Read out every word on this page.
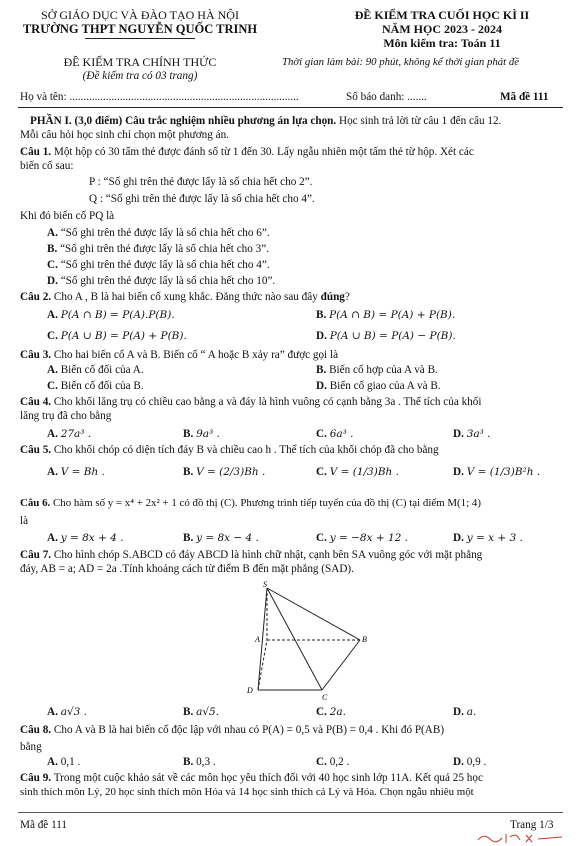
SỞ GIÁO DỤC VÀ ĐÀO TẠO HÀ NỘI
TRƯỜNG THPT NGUYỄN QUỐC TRINH
ĐỀ KIỂM TRA CUỐI HỌC KÌ II
NĂM HỌC 2023 - 2024
Môn kiểm tra: Toán 11
ĐỀ KIỂM TRA CHÍNH THỨC
(Đề kiểm tra có 03 trang)
Thời gian làm bài: 90 phút, không kể thời gian phát đề
Họ và tên: ..................................................................................	Số báo danh: .......	Mã đề 111
PHẦN I. (3,0 điểm) Câu trắc nghiệm nhiều phương án lựa chọn. Học sinh trả lời từ câu 1 đến câu 12.
Mỗi câu hỏi học sinh chỉ chọn một phương án.
Câu 1. Một hộp có 30 tấm thẻ được đánh số từ 1 đến 30. Lấy ngẫu nhiên một tấm thẻ từ hộp. Xét các
biến cố sau:
P : “Số ghi trên thẻ được lấy là số chia hết cho 2”.
Q : “Số ghi trên thẻ được lấy là số chia hết cho 4”.
Khi đó biến cố PQ là
A. “Số ghi trên thẻ được lấy là số chia hết cho 6”.
B. “Số ghi trên thẻ được lấy là số chia hết cho 3”.
C. “Số ghi trên thẻ được lấy là số chia hết cho 4”.
D. “Số ghi trên thẻ được lấy là số chia hết cho 10”.
Câu 2. Cho A , B là hai biến cố xung khắc. Đẳng thức nào sau đây đúng?
A. P(A ∩ B) = P(A).P(B).	B. P(A ∩ B) = P(A) + P(B).
C. P(A ∪ B) = P(A) + P(B).	D. P(A ∪ B) = P(A) − P(B).
Câu 3. Cho hai biến cố A và B. Biến cố “ A hoặc B xảy ra” được gọi là
A. Biến cố đối của A.	B. Biến cố hợp của A và B.
C. Biến cố đối của B.	D. Biến cố giao của A và B.
Câu 4. Cho khối lăng trụ có chiều cao bằng a và đáy là hình vuông có cạnh bằng 3a . Thể tích của khối
lăng trụ đã cho bằng
A. 27a³ .	B. 9a³ .	C. 6a³ .	D. 3a³ .
Câu 5. Cho khối chóp có diện tích đáy B và chiều cao h . Thể tích của khối chóp đã cho bằng
A. V = Bh .	B. V = (2/3)Bh .	C. V = (1/3)Bh .	D. V = (1/3)B²h .
Câu 6. Cho hàm số y = x⁴ + 2x² + 1 có đồ thị (C). Phương trình tiếp tuyến của đồ thị (C) tại điểm M(1; 4)
là
A. y = 8x + 4 .	B. y = 8x − 4 .	C. y = −8x + 12 .	D. y = x + 3 .
Câu 7. Cho hình chóp S.ABCD có đáy ABCD là hình chữ nhật, cạnh bên SA vuông góc với mặt phẳng
đáy, AB = a; AD = 2a .Tính khoảng cách từ điểm B đến mặt phẳng (SAD).
S
A	B
C
D
A. a√3 .	B. a√5.	C. 2a.	D. a.
Câu 8. Cho A và B là hai biến cố độc lập với nhau có P(A) = 0,5 và P(B) = 0,4 . Khi đó P(AB)
bằng
A. 0,1 .	B. 0,3 .	C. 0,2 .	D. 0,9 .
Câu 9. Trong một cuộc khảo sát về các môn học yêu thích đối với 40 học sinh lớp 11A. Kết quả 25 học
sinh thích môn Lý, 20 học sinh thích môn Hóa và 14 học sinh thích cả Lý và Hóa. Chọn ngẫu nhiêu một
Mã đề 111	Trang 1/3
